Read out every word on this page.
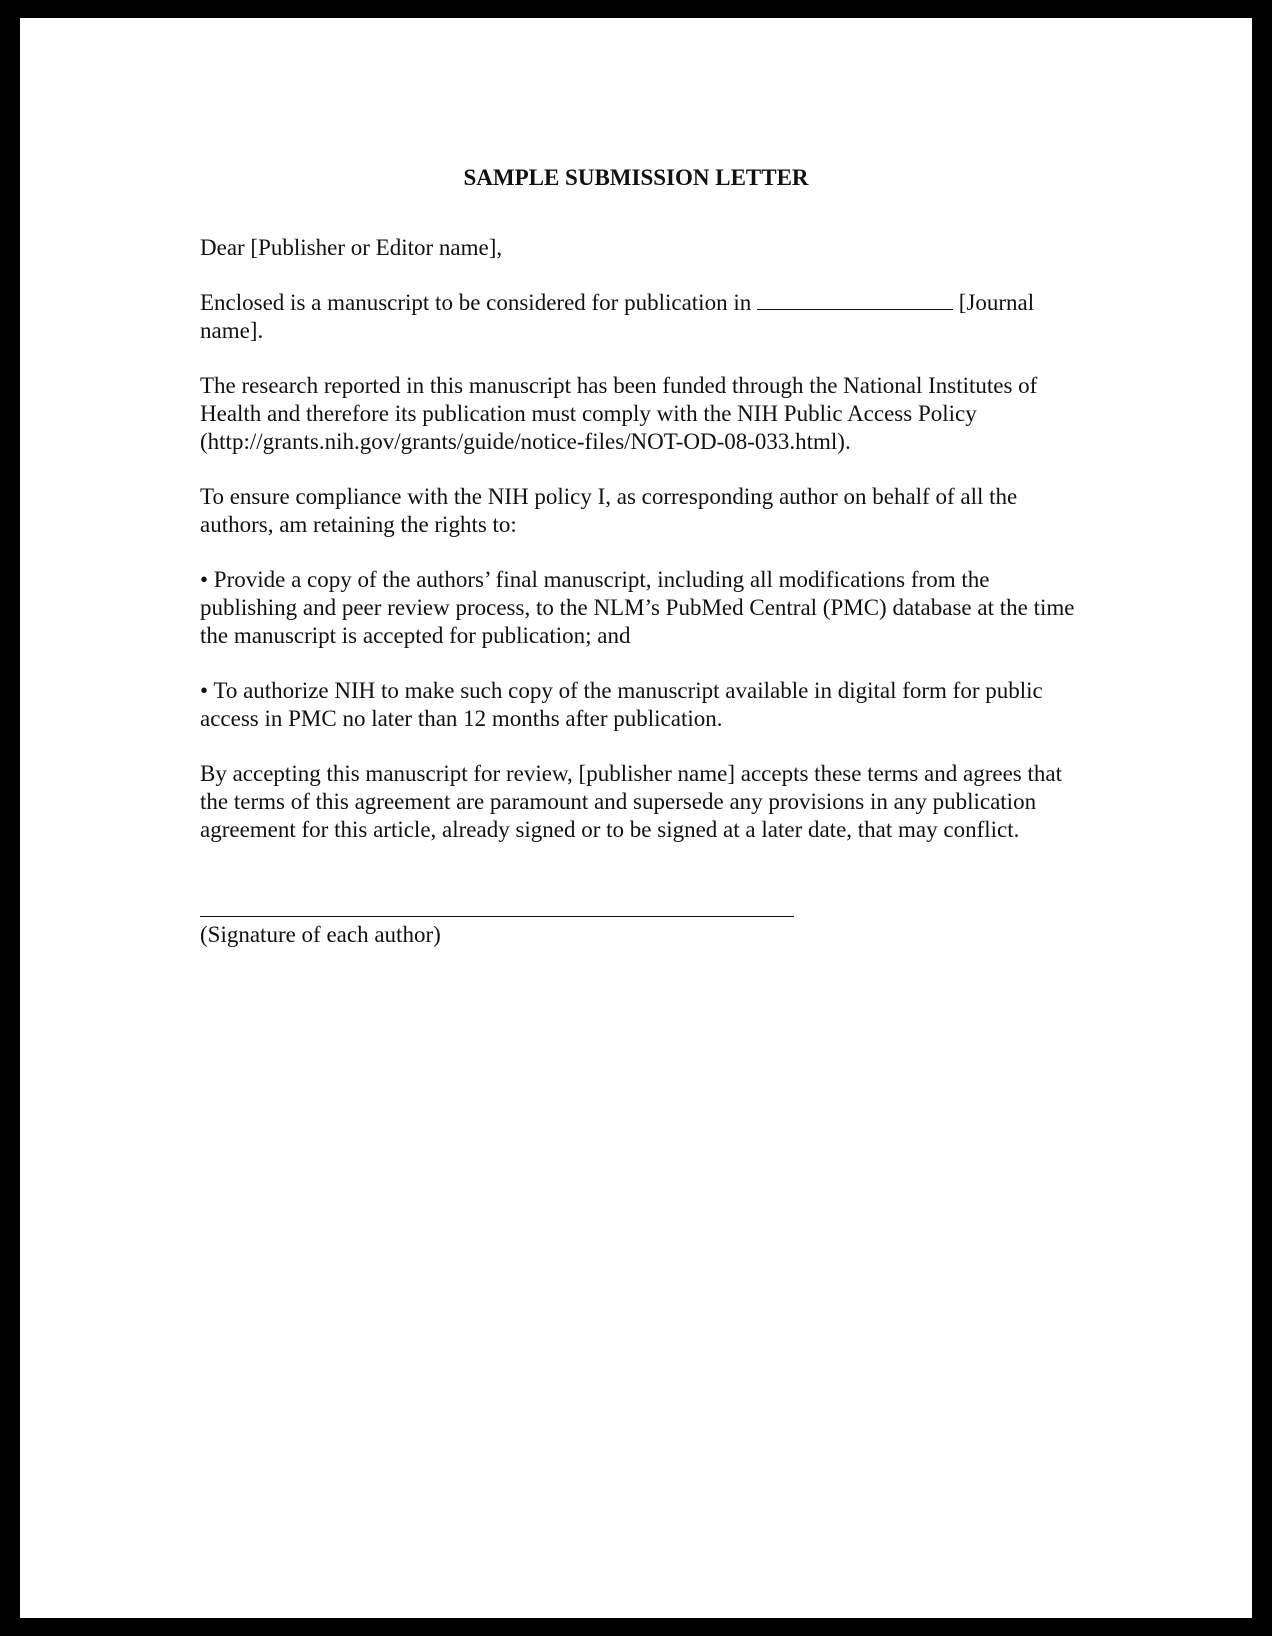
SAMPLE SUBMISSION LETTER

Dear [Publisher or Editor name],

Enclosed is a manuscript to be considered for publication in	[Journal name].

The research reported in this manuscript has been funded through the National Institutes of Health and therefore its publication must comply with the NIH Public Access Policy (http://grants.nih.gov/grants/guide/notice-files/NOT-OD-08-033.html).

To ensure compliance with the NIH policy I, as corresponding author on behalf of all the authors, am retaining the rights to:

• Provide a copy of the authors’ final manuscript, including all modifications from the publishing and peer review process, to the NLM’s PubMed Central (PMC) database at the time the manuscript is accepted for publication; and

• To authorize NIH to make such copy of the manuscript available in digital form for public access in PMC no later than 12 months after publication.

By accepting this manuscript for review, [publisher name] accepts these terms and agrees that the terms of this agreement are paramount and supersede any provisions in any publication agreement for this article, already signed or to be signed at a later date, that may conflict.

(Signature of each author)
